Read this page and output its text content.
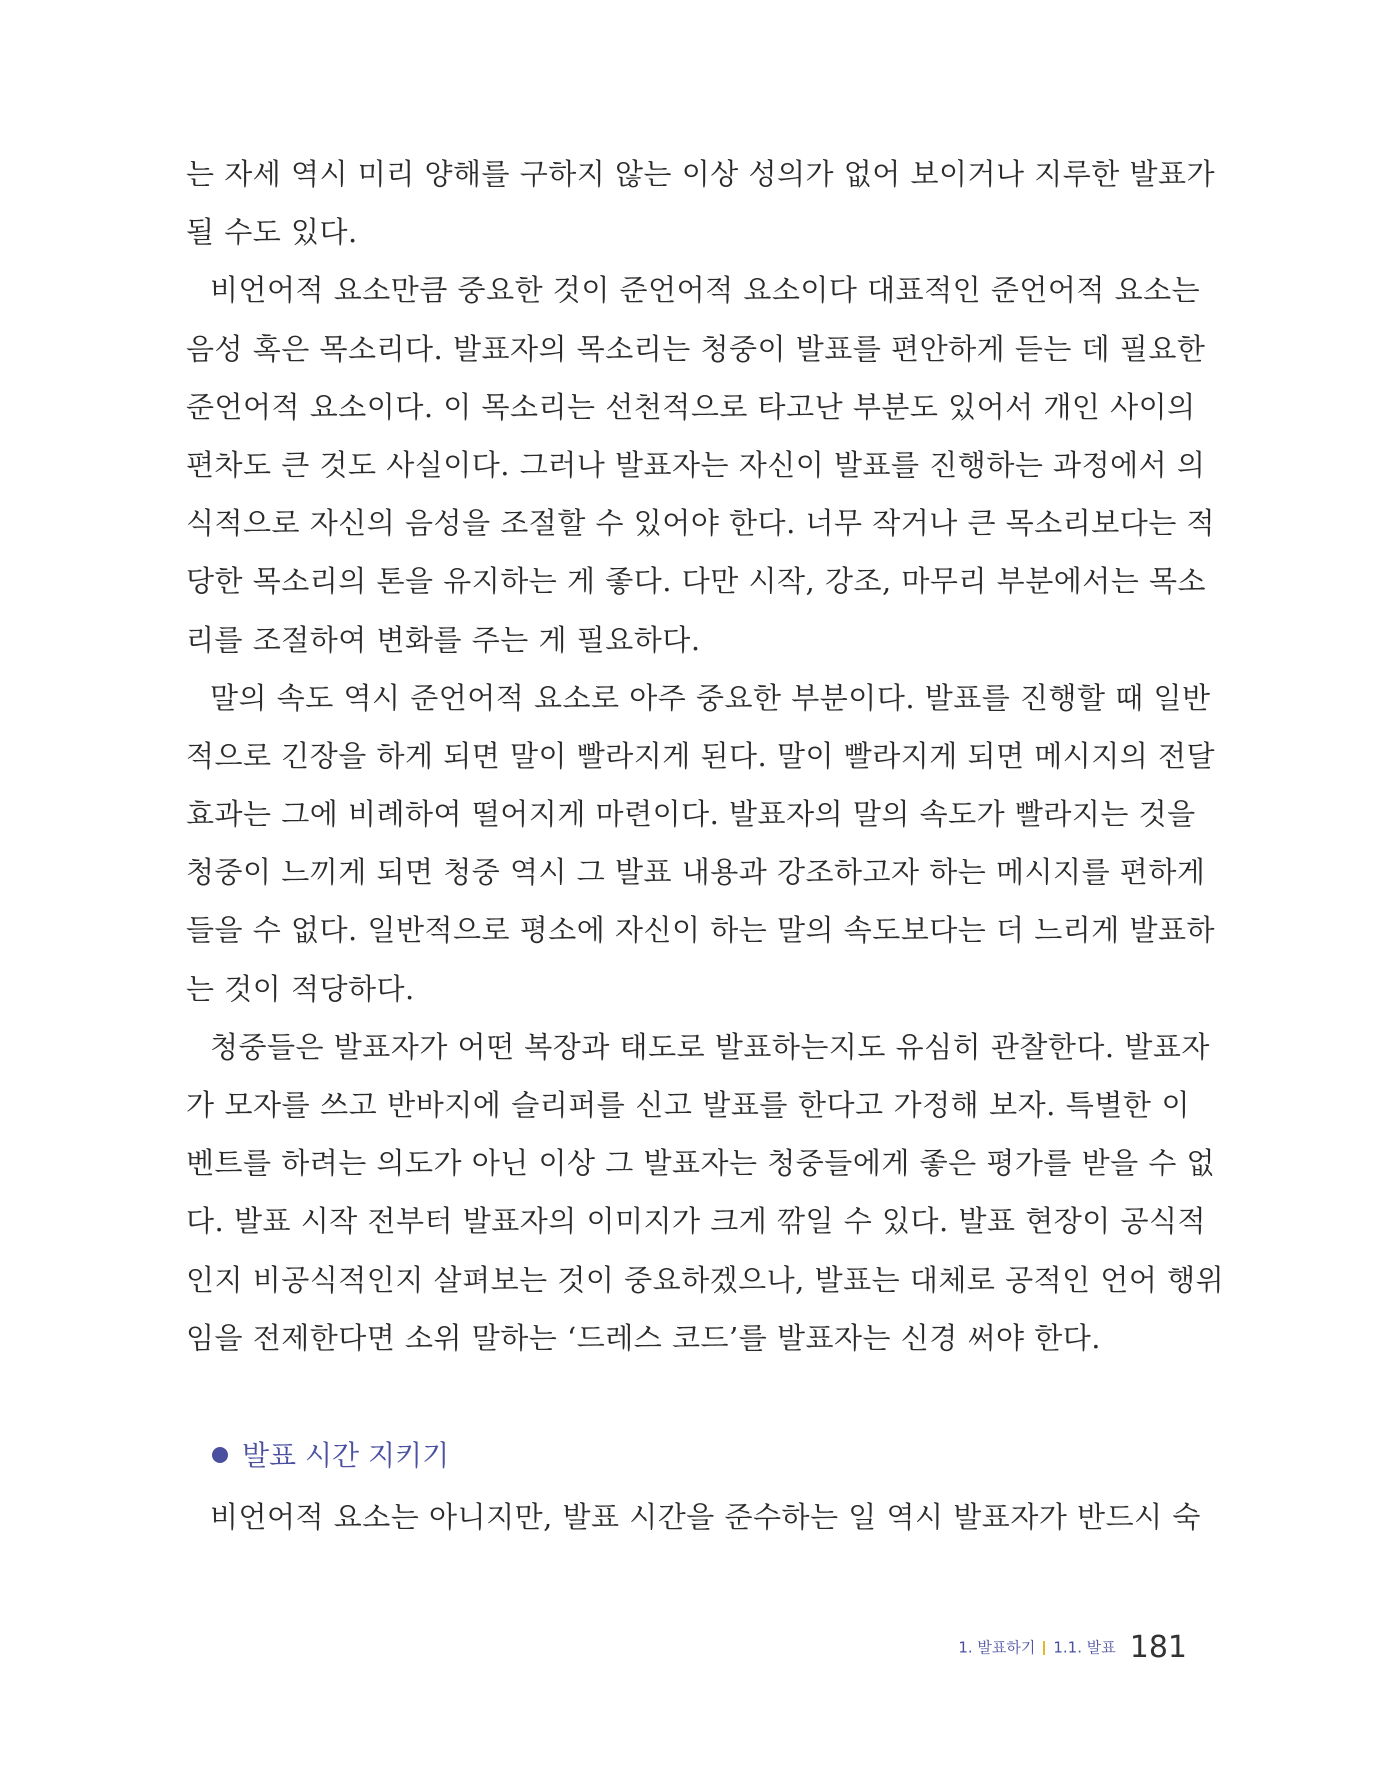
는 자세 역시 미리 양해를 구하지 않는 이상 성의가 없어 보이거나 지루한 발표가
될 수도 있다.
비언어적 요소만큼 중요한 것이 준언어적 요소이다 대표적인 준언어적 요소는
음성 혹은 목소리다. 발표자의 목소리는 청중이 발표를 편안하게 듣는 데 필요한
준언어적 요소이다. 이 목소리는 선천적으로 타고난 부분도 있어서 개인 사이의
편차도 큰 것도 사실이다. 그러나 발표자는 자신이 발표를 진행하는 과정에서 의
식적으로 자신의 음성을 조절할 수 있어야 한다. 너무 작거나 큰 목소리보다는 적
당한 목소리의 톤을 유지하는 게 좋다. 다만 시작, 강조, 마무리 부분에서는 목소
리를 조절하여 변화를 주는 게 필요하다.
말의 속도 역시 준언어적 요소로 아주 중요한 부분이다. 발표를 진행할 때 일반
적으로 긴장을 하게 되면 말이 빨라지게 된다. 말이 빨라지게 되면 메시지의 전달
효과는 그에 비례하여 떨어지게 마련이다. 발표자의 말의 속도가 빨라지는 것을
청중이 느끼게 되면 청중 역시 그 발표 내용과 강조하고자 하는 메시지를 편하게
들을 수 없다. 일반적으로 평소에 자신이 하는 말의 속도보다는 더 느리게 발표하
는 것이 적당하다.
청중들은 발표자가 어떤 복장과 태도로 발표하는지도 유심히 관찰한다. 발표자
가 모자를 쓰고 반바지에 슬리퍼를 신고 발표를 한다고 가정해 보자. 특별한 이
벤트를 하려는 의도가 아닌 이상 그 발표자는 청중들에게 좋은 평가를 받을 수 없
다. 발표 시작 전부터 발표자의 이미지가 크게 깎일 수 있다. 발표 현장이 공식적
인지 비공식적인지 살펴보는 것이 중요하겠으나, 발표는 대체로 공적인 언어 행위
임을 전제한다면 소위 말하는 ‘드레스 코드’를 발표자는 신경 써야 한다.
발표 시간 지키기
비언어적 요소는 아니지만, 발표 시간을 준수하는 일 역시 발표자가 반드시 숙
1. 발표하기 1.1. 발표 181
